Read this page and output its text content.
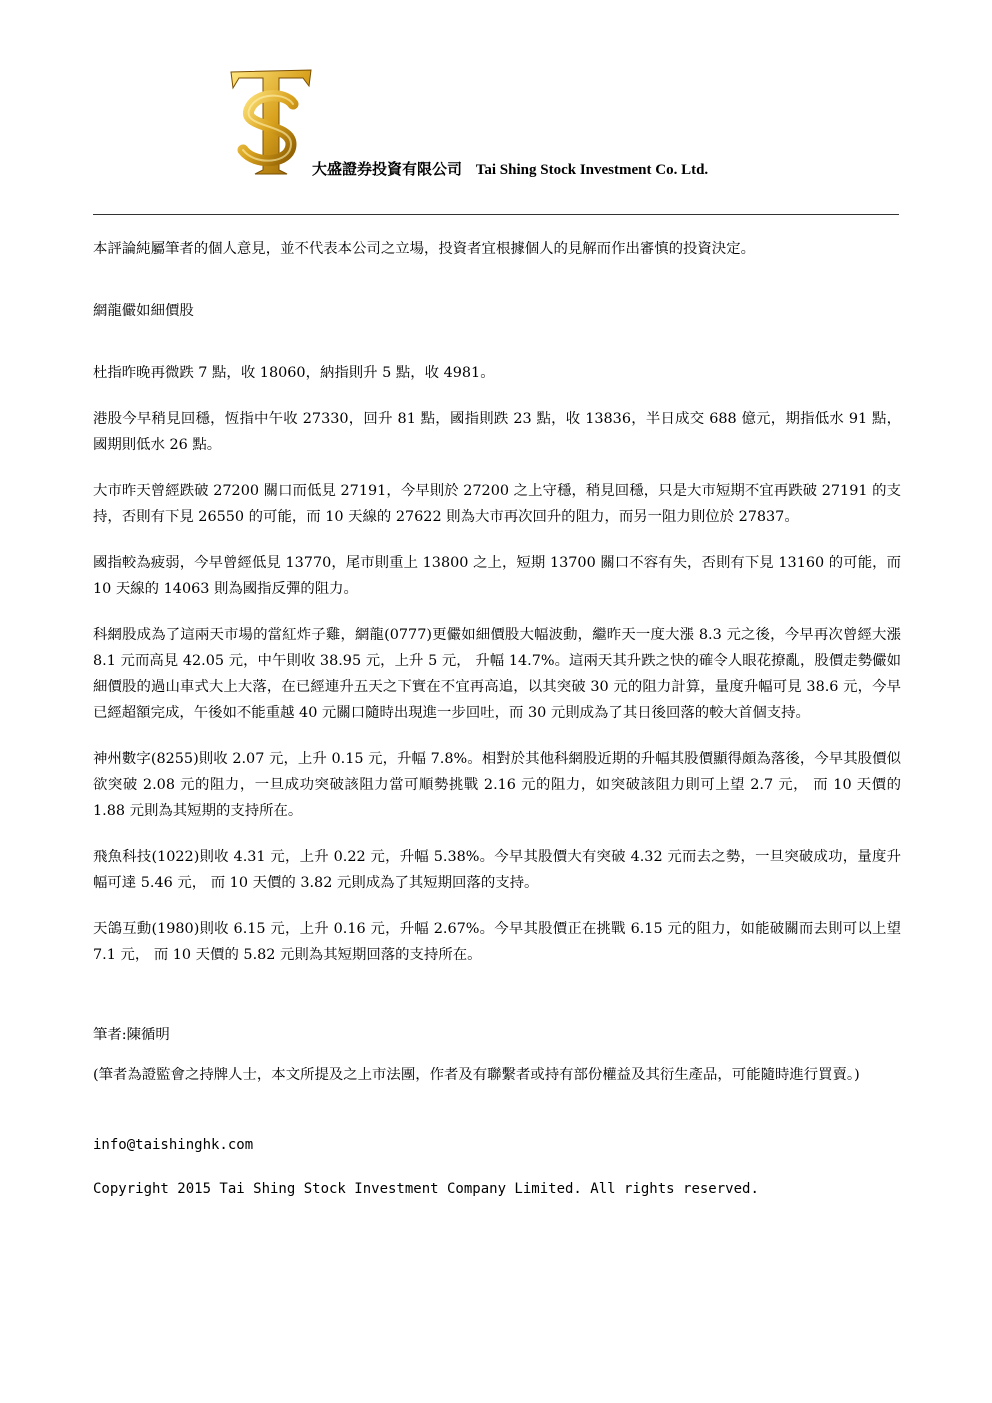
大盛證券投資有限公司 Tai Shing Stock Investment Co. Ltd.

本評論純屬筆者的個人意見，並不代表本公司之立場，投資者宜根據個人的見解而作出審慎的投資決定。

網龍儼如細價股

杜指昨晚再微跌 7 點，收 18060，納指則升 5 點，收 4981。

港股今早稍見回穩，恆指中午收 27330，回升 81 點，國指則跌 23 點，收 13836，半日成交 688 億元，期指低水 91 點，國期則低水 26 點。

大市昨天曾經跌破 27200 關口而低見 27191，今早則於 27200 之上守穩，稍見回穩，只是大市短期不宜再跌破 27191 的支持，否則有下見 26550 的可能，而 10 天線的 27622 則為大市再次回升的阻力，而另一阻力則位於 27837。

國指較為疲弱，今早曾經低見 13770，尾市則重上 13800 之上，短期 13700 關口不容有失，否則有下見 13160 的可能，而 10 天線的 14063 則為國指反彈的阻力。

科網股成為了這兩天市場的當紅炸子雞，網龍(0777)更儼如細價股大幅波動，繼昨天一度大漲 8.3 元之後，今早再次曾經大漲 8.1 元而高見 42.05 元，中午則收 38.95 元，上升 5 元， 升幅 14.7%。這兩天其升跌之快的確令人眼花撩亂，股價走勢儼如細價股的過山車式大上大落，在已經連升五天之下實在不宜再高追，以其突破 30 元的阻力計算，量度升幅可見 38.6 元，今早已經超額完成，午後如不能重越 40 元關口隨時出現進一步回吐，而 30 元則成為了其日後回落的較大首個支持。

神州數字(8255)則收 2.07 元，上升 0.15 元，升幅 7.8%。相對於其他科網股近期的升幅其股價顯得頗為落後，今早其股價似欲突破 2.08 元的阻力，一旦成功突破該阻力當可順勢挑戰 2.16 元的阻力，如突破該阻力則可上望 2.7 元， 而 10 天價的 1.88 元則為其短期的支持所在。

飛魚科技(1022)則收 4.31 元，上升 0.22 元，升幅 5.38%。今早其股價大有突破 4.32 元而去之勢，一旦突破成功，量度升幅可達 5.46 元， 而 10 天價的 3.82 元則成為了其短期回落的支持。

天鴿互動(1980)則收 6.15 元，上升 0.16 元，升幅 2.67%。今早其股價正在挑戰 6.15 元的阻力，如能破關而去則可以上望 7.1 元， 而 10 天價的 5.82 元則為其短期回落的支持所在。

筆者:陳循明

(筆者為證監會之持牌人士，本文所提及之上市法團，作者及有聯繫者或持有部份權益及其衍生產品，可能隨時進行買賣。)

info@taishinghk.com

Copyright 2015 Tai Shing Stock Investment Company Limited. All rights reserved.
